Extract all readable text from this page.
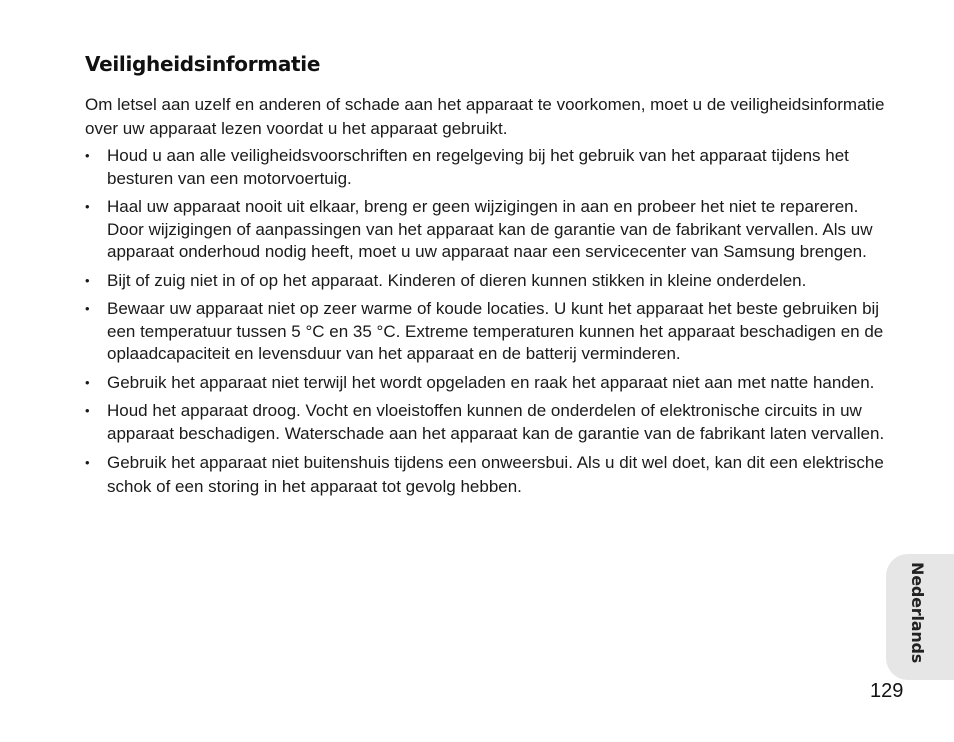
Veiligheidsinformatie

Om letsel aan uzelf en anderen of schade aan het apparaat te voorkomen, moet u de veiligheidsinformatie over uw apparaat lezen voordat u het apparaat gebruikt.

• Houd u aan alle veiligheidsvoorschriften en regelgeving bij het gebruik van het apparaat tijdens het besturen van een motorvoertuig.
• Haal uw apparaat nooit uit elkaar, breng er geen wijzigingen in aan en probeer het niet te repareren. Door wijzigingen of aanpassingen van het apparaat kan de garantie van de fabrikant vervallen. Als uw apparaat onderhoud nodig heeft, moet u uw apparaat naar een servicecenter van Samsung brengen.
• Bijt of zuig niet in of op het apparaat. Kinderen of dieren kunnen stikken in kleine onderdelen.
• Bewaar uw apparaat niet op zeer warme of koude locaties. U kunt het apparaat het beste gebruiken bij een temperatuur tussen 5 °C en 35 °C. Extreme temperaturen kunnen het apparaat beschadigen en de oplaadcapaciteit en levensduur van het apparaat en de batterij verminderen.
• Gebruik het apparaat niet terwijl het wordt opgeladen en raak het apparaat niet aan met natte handen.
• Houd het apparaat droog. Vocht en vloeistoffen kunnen de onderdelen of elektronische circuits in uw apparaat beschadigen. Waterschade aan het apparaat kan de garantie van de fabrikant laten vervallen.
• Gebruik het apparaat niet buitenshuis tijdens een onweersbui. Als u dit wel doet, kan dit een elektrische schok of een storing in het apparaat tot gevolg hebben.
Nederlands
129
